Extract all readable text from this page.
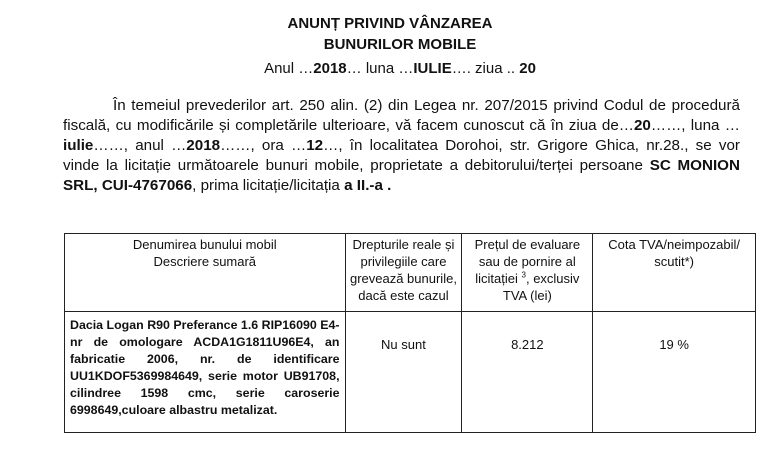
ANUNȚ PRIVIND VÂNZAREA
BUNURILOR MOBILE
Anul …2018… luna …IULIE…. ziua .. 20
În temeiul prevederilor art. 250 alin. (2) din Legea nr. 207/2015 privind Codul de procedură fiscală, cu modificările și completările ulterioare, vă facem cunoscut că în ziua de…20……, luna …iulie……, anul …2018……, ora …12…, în localitatea Dorohoi, str. Grigore Ghica, nr.28., se vor vinde la licitație următoarele bunuri mobile, proprietate a debitorului/terței persoane SC MONION SRL, CUI-4767066, prima licitație/licitația a II.-a .
Denumirea bunului mobil
Descriere sumară	Drepturile reale și privilegiile care grevează bunurile, dacă este cazul	Prețul de evaluare sau de pornire al licitației $^3$, exclusiv TVA (lei)	Cota TVA/neimpozabil/ scutit*)
Dacia Logan R90 Preferance 1.6 RIP16090 E4- nr de omologare ACDA1G1811U96E4, an fabricatie 2006, nr. de identificare UU1KDOF5369984649, serie motor UB91708, cilindree 1598 cmc, serie caroserie 6998649,culoare albastru metalizat.	Nu sunt	8.212	19 %
